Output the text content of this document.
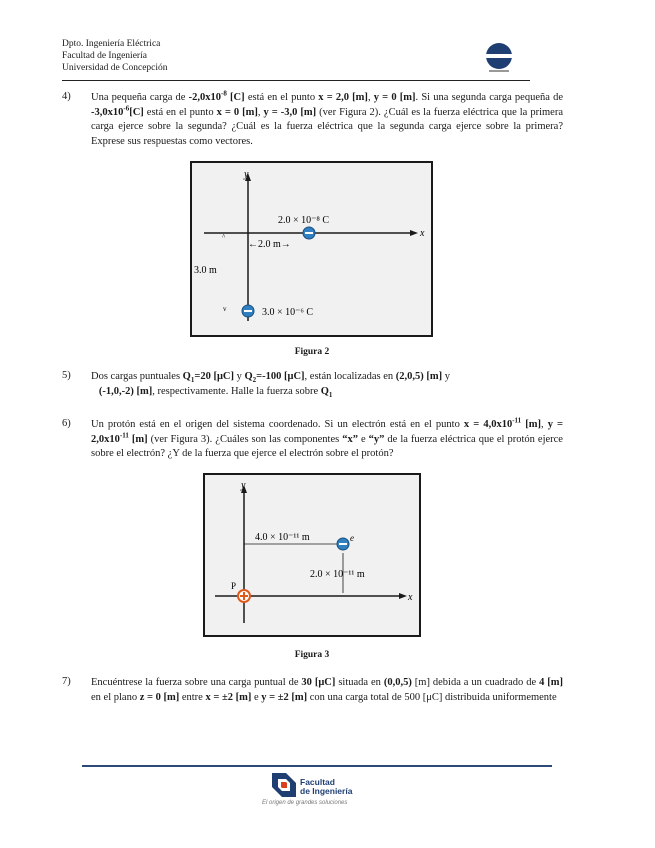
Dpto. Ingeniería Eléctrica
Facultad de Ingeniería
Universidad de Concepción
4) Una pequeña carga de $-2,0x10^{-8}$ [C] está en el punto x = 2,0 [m], y = 0 [m]. Si una segunda carga pequeña de $-3,0x10^{-6}[C]$ está en el punto x = 0 [m], y = -3,0 [m] (ver Figura 2). ¿Cuál es la fuerza eléctrica que la primera carga ejerce sobre la segunda? ¿Cuál es la fuerza eléctrica que la segunda carga ejerce sobre la primera? Exprese sus respuestas como vectores.
y
x
2.0 × 10⁻⁸ C
←2.0 m→
^
3.0 m
v	3.0 × 10⁻⁶ C
Figura 2
5) Dos cargas puntuales $Q_1=20$ [μC] y $Q_2=-100$ [μC], están localizadas en (2,0,5) [m] y
(-1,0,-2) [m], respectivamente. Halle la fuerza sobre $Q_1$
6) Un protón está en el origen del sistema coordenado. Si un electrón está en el punto $x = 4,0x10^{-11}$ [m], $y = 2,0x10^{-11}$ [m] (ver Figura 3). ¿Cuáles son las componentes “x” e “y” de la fuerza eléctrica que el protón ejerce sobre el electrón? ¿Y de la fuerza que ejerce el electrón sobre el protón?
y
x
4.0 × 10⁻¹¹ m	e
2.0 × 10⁻¹¹ m
P
Figura 3
7) Encuéntrese la fuerza sobre una carga puntual de 30 [μC] situada en (0,0,5) [m] debida a un cuadrado de 4 [m] en el plano z = 0 [m] entre x = ±2 [m] e y = ±2 [m] con una carga total de 500 [μC] distribuida uniformemente
Facultad
de Ingeniería
El origen de grandes soluciones
